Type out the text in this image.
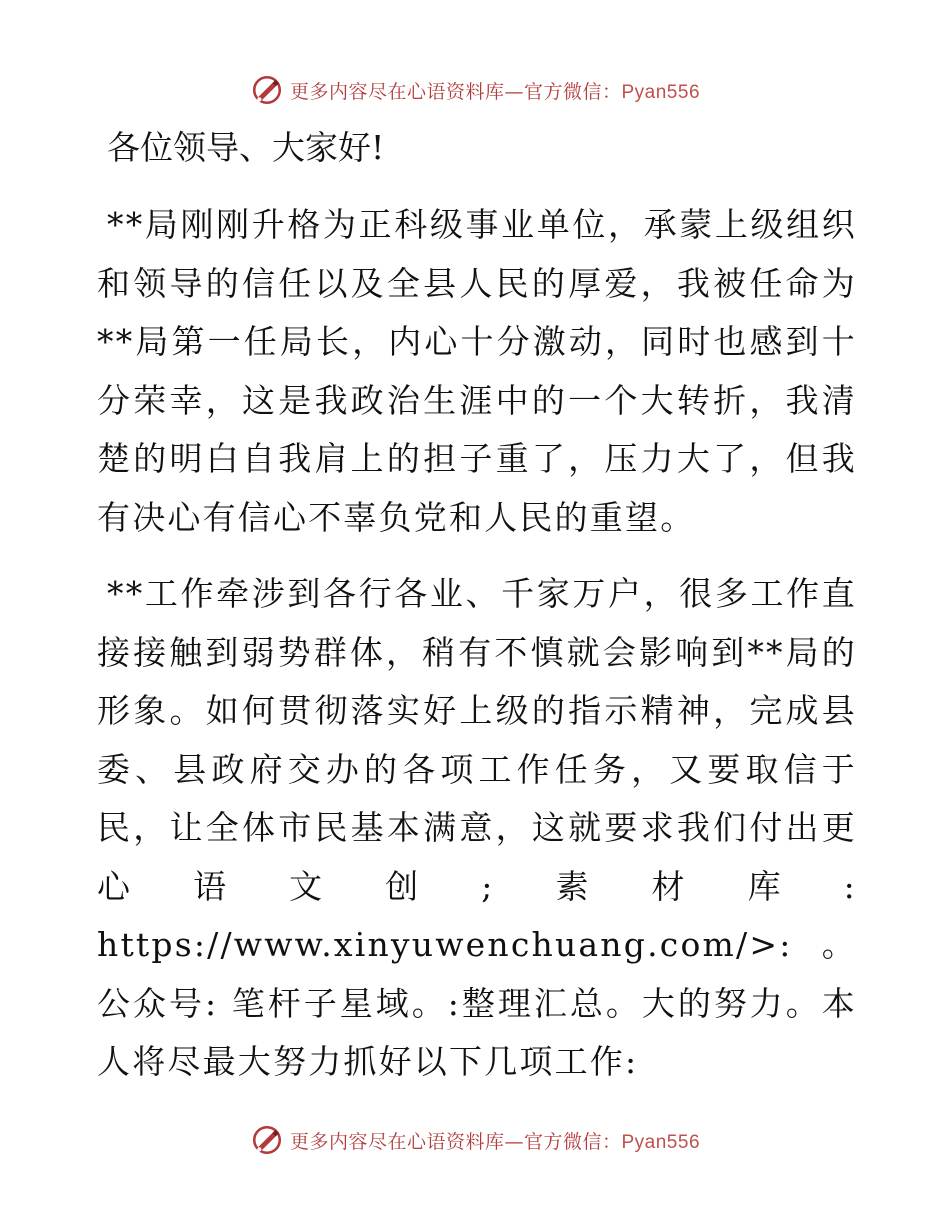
更多内容尽在心语资料库—官方微信：Pyan556

各位领导、大家好!

**局刚刚升格为正科级事业单位，承蒙上级组织和领导的信任以及全县人民的厚爱，我被任命为**局第一任局长，内心十分激动，同时也感到十分荣幸，这是我政治生涯中的一个大转折，我清楚的明白自我肩上的担子重了，压力大了，但我有决心有信心不辜负党和人民的重望。

**工作牵涉到各行各业、千家万户，很多工作直接接触到弱势群体，稍有不慎就会影响到**局的形象。如何贯彻落实好上级的指示精神，完成县委、县政府交办的各项工作任务，又要取信于民，让全体市民基本满意，这就要求我们付出更心语文创;素材库: https://www.xinyuwenchuang.com/>:。公众号: 笔杆子星域。:整理汇总。大的努力。本人将尽最大努力抓好以下几项工作:

更多内容尽在心语资料库—官方微信：Pyan556
